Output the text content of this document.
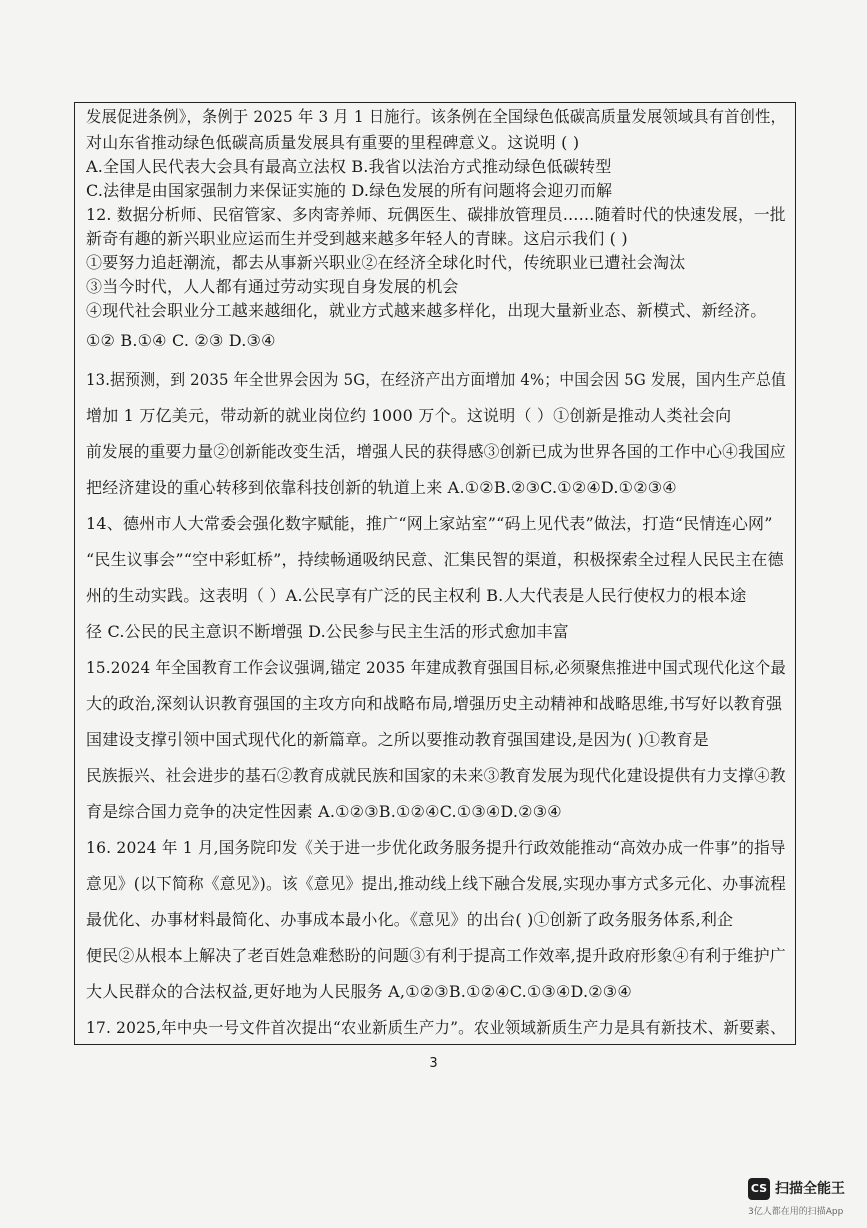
发展促进条例》，条例于 2025 年 3 月 1 日施行。该条例在全国绿色低碳高质量发展领域具有首创性，
对山东省推动绿色低碳高质量发展具有重要的里程碑意义。这说明 ( )
A.全国人民代表大会具有最高立法权 B.我省以法治方式推动绿色低碳转型
C.法律是由国家强制力来保证实施的 D.绿色发展的所有问题将会迎刃而解
12. 数据分析师、民宿管家、多肉寄养师、玩偶医生、碳排放管理员……随着时代的快速发展，一批
新奇有趣的新兴职业应运而生并受到越来越多年轻人的青睐。这启示我们 ( )
①要努力追赶潮流，都去从事新兴职业②在经济全球化时代，传统职业已遭社会淘汰
③当今时代，人人都有通过劳动实现自身发展的机会
④现代社会职业分工越来越细化，就业方式越来越多样化，出现大量新业态、新模式、新经济。
①② B.①④ C. ②③ D.③④
13.据预测，到 2035 年全世界会因为 5G，在经济产出方面增加 4%；中国会因 5G 发展，国内生产总值
增加 1 万亿美元，带动新的就业岗位约 1000 万个。这说明（ ）①创新是推动人类社会向
前发展的重要力量②创新能改变生活，增强人民的获得感③创新已成为世界各国的工作中心④我国应
把经济建设的重心转移到依靠科技创新的轨道上来 A.①②B.②③C.①②④D.①②③④
14、德州市人大常委会强化数字赋能，推广“网上家站室”“码上见代表”做法，打造“民情连心网”
“民生议事会”“空中彩虹桥”，持续畅通吸纳民意、汇集民智的渠道，积极探索全过程人民民主在德
州的生动实践。这表明（ ）A.公民享有广泛的民主权利 B.人大代表是人民行使权力的根本途
径 C.公民的民主意识不断增强 D.公民参与民主生活的形式愈加丰富
15.2024 年全国教育工作会议强调,锚定 2035 年建成教育强国目标,必须聚焦推进中国式现代化这个最
大的政治,深刻认识教育强国的主攻方向和战略布局,增强历史主动精神和战略思维,书写好以教育强
国建设支撑引领中国式现代化的新篇章。之所以要推动教育强国建设,是因为( )①教育是
民族振兴、社会进步的基石②教育成就民族和国家的未来③教育发展为现代化建设提供有力支撑④教
育是综合国力竞争的决定性因素 A.①②③B.①②④C.①③④D.②③④
16. 2024 年 1 月,国务院印发《关于进一步优化政务服务提升行政效能推动“高效办成一件事”的指导
意见》(以下简称《意见》)。该《意见》提出,推动线上线下融合发展,实现办事方式多元化、办事流程
最优化、办事材料最简化、办事成本最小化。《意见》的出台( )①创新了政务服务体系,利企
便民②从根本上解决了老百姓急难愁盼的问题③有利于提高工作效率,提升政府形象④有利于维护广
大人民群众的合法权益,更好地为人民服务 A,①②③B.①②④C.①③④D.②③④
17. 2025,年中央一号文件首次提出“农业新质生产力”。农业领域新质生产力是具有新技术、新要素、
3
CS 扫描全能王
3亿人都在用的扫描App
